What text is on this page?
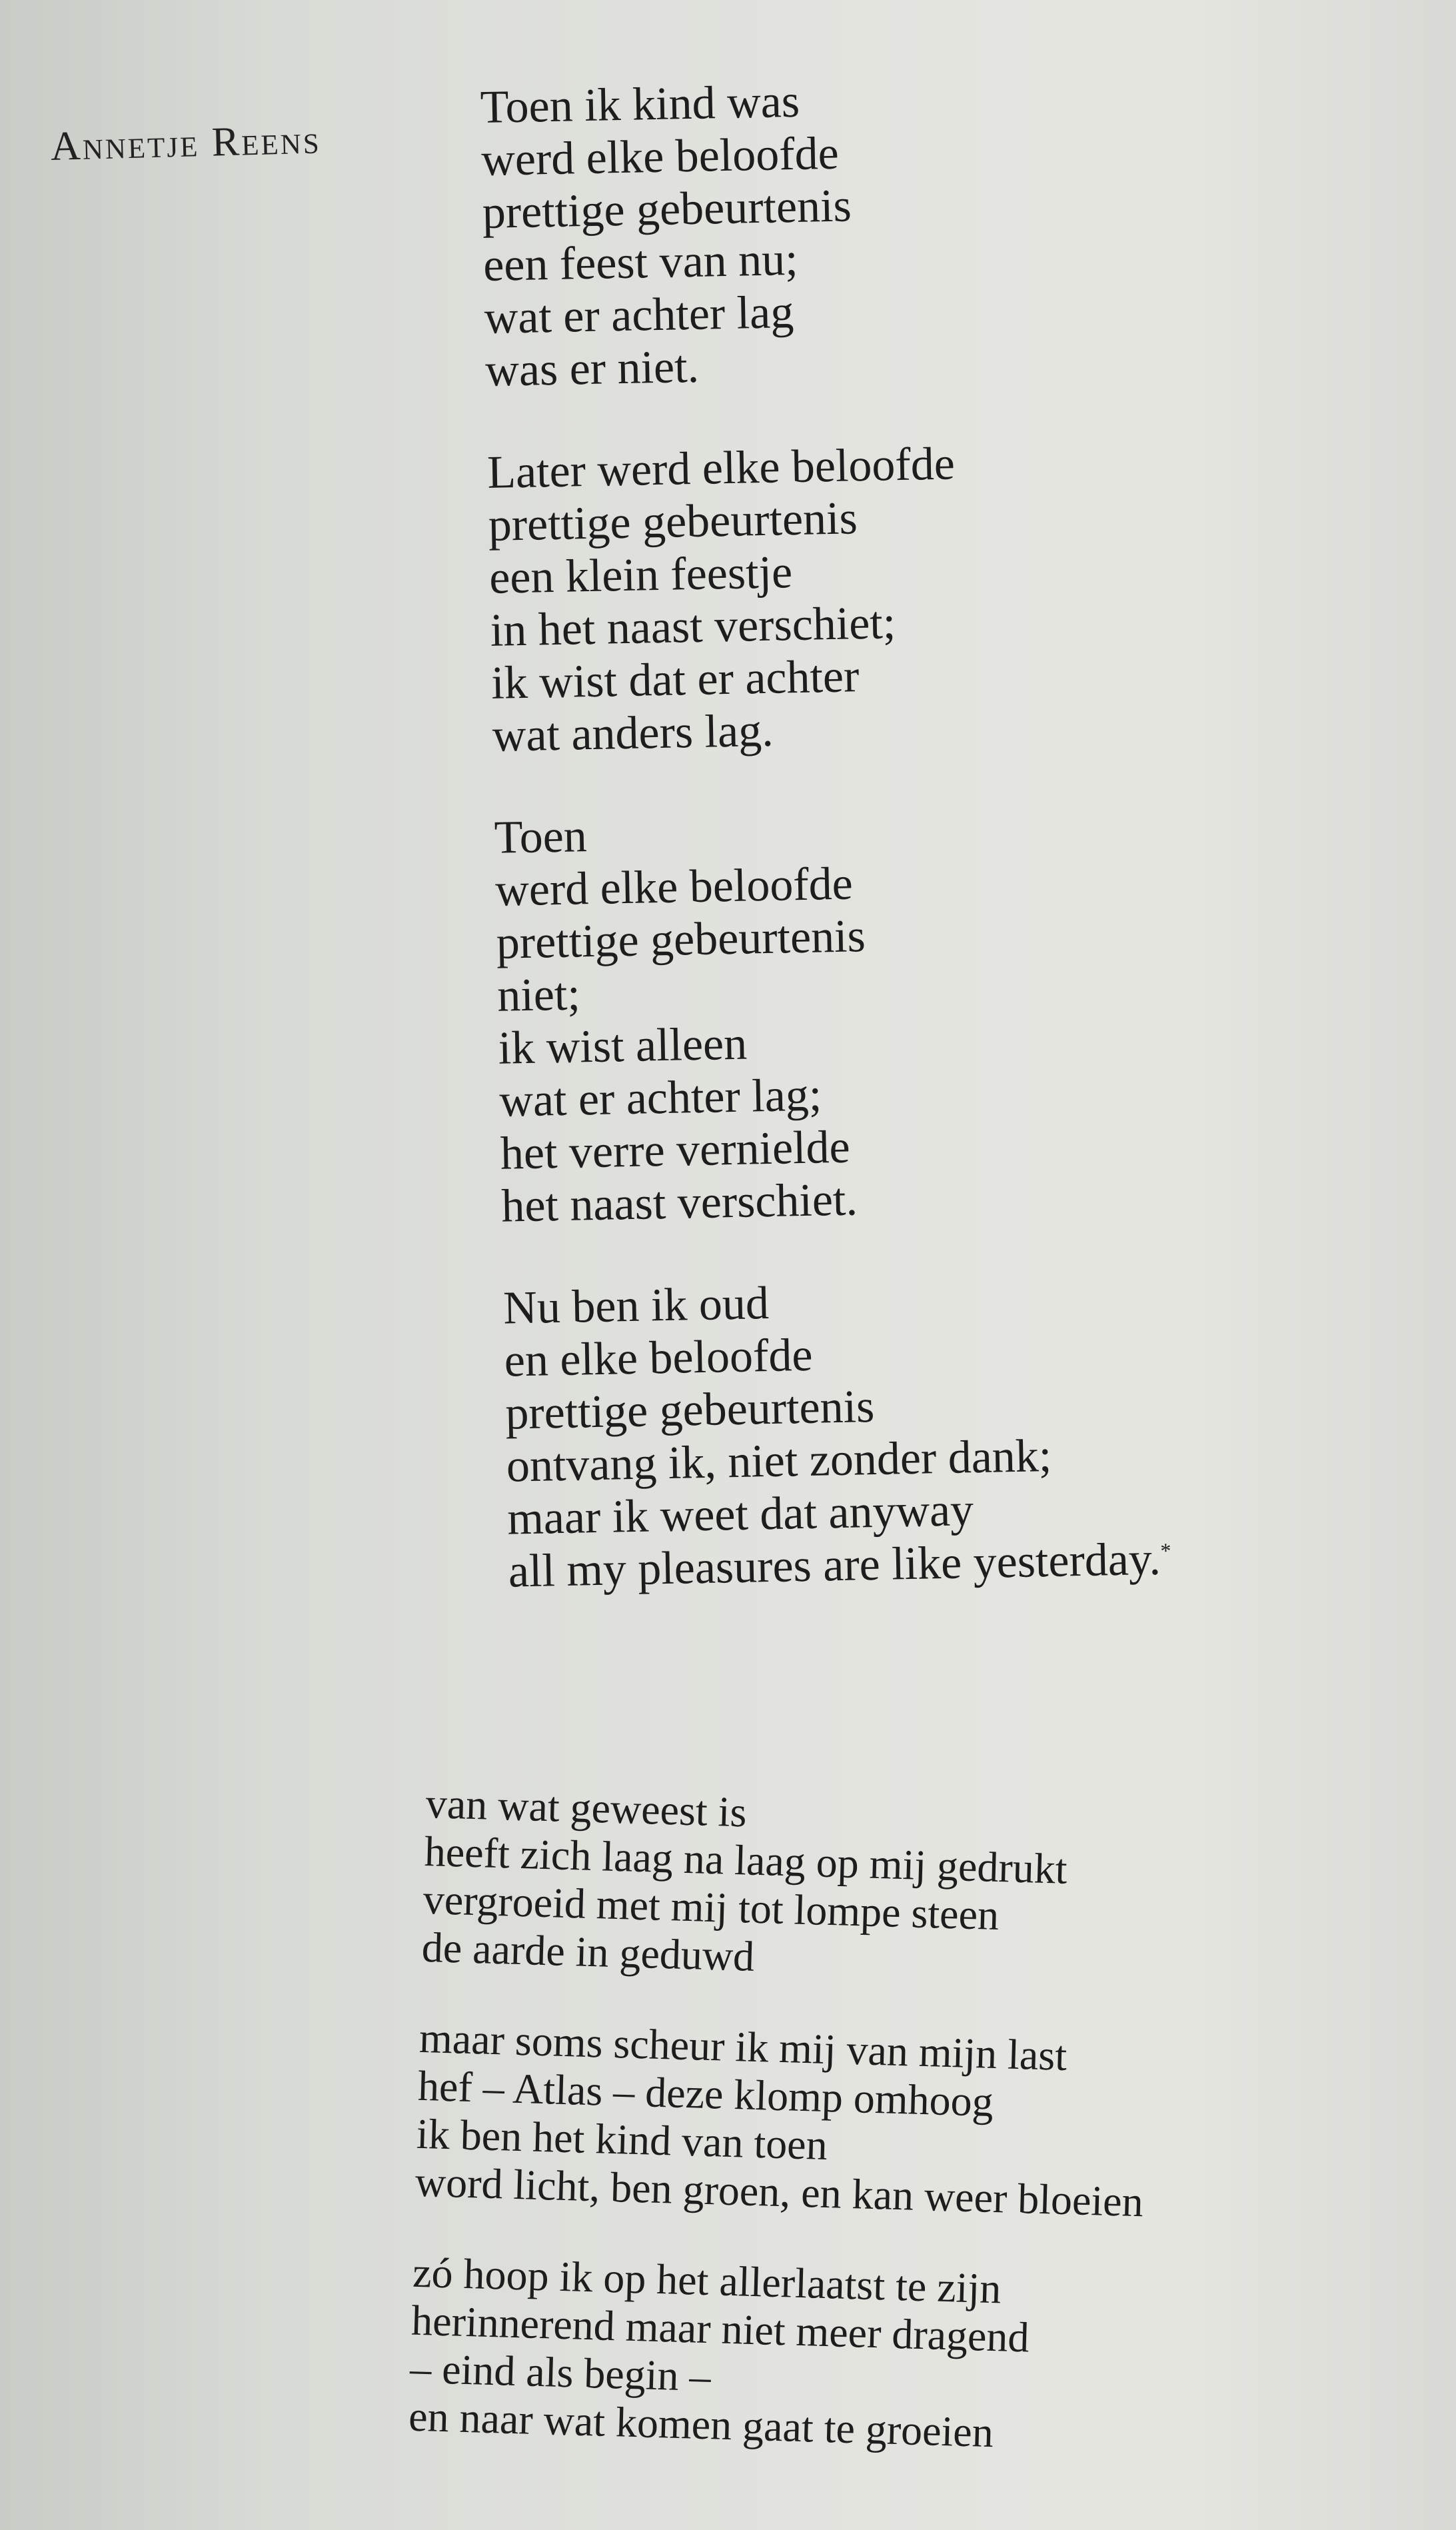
Annetje Reens
Toen ik kind was
werd elke beloofde
prettige gebeurtenis
een feest van nu;
wat er achter lag
was er niet.
Later werd elke beloofde
prettige gebeurtenis
een klein feestje
in het naast verschiet;
ik wist dat er achter
wat anders lag.
Toen
werd elke beloofde
prettige gebeurtenis
niet;
ik wist alleen
wat er achter lag;
het verre vernielde
het naast verschiet.
Nu ben ik oud
en elke beloofde
prettige gebeurtenis
ontvang ik, niet zonder dank;
maar ik weet dat anyway
all my pleasures are like yesterday.*
van wat geweest is
heeft zich laag na laag op mij gedrukt
vergroeid met mij tot lompe steen
de aarde in geduwd
maar soms scheur ik mij van mijn last
hef – Atlas – deze klomp omhoog
ik ben het kind van toen
word licht, ben groen, en kan weer bloeien
zó hoop ik op het allerlaatst te zijn
herinnerend maar niet meer dragend
– eind als begin –
en naar wat komen gaat te groeien
